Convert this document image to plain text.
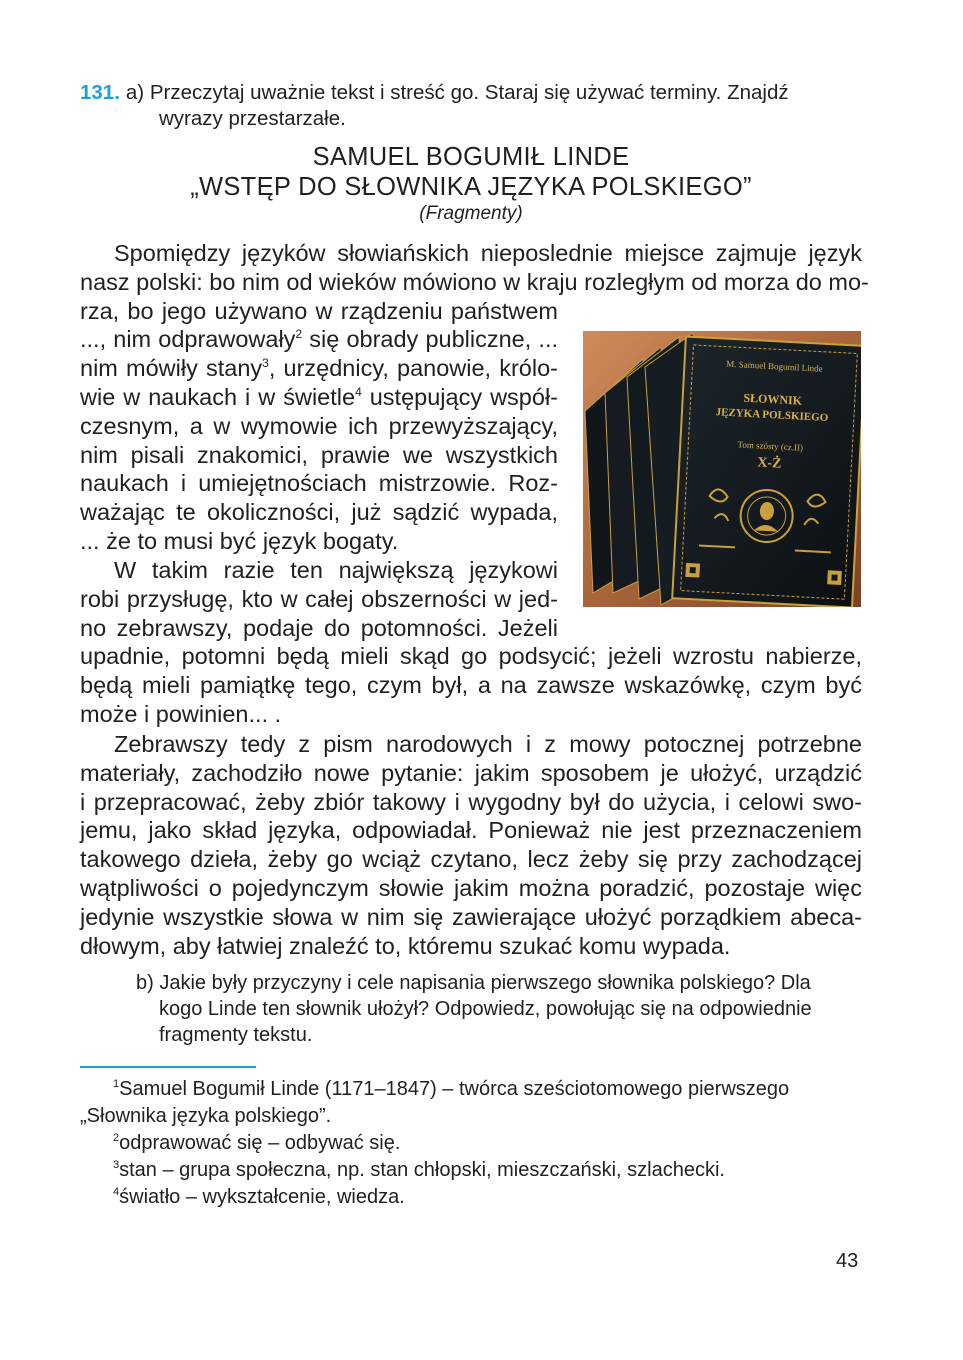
131. a) Przeczytaj uważnie tekst i streść go. Staraj się używać terminy. Znajdź
wyrazy przestarzałe.
SAMUEL BOGUMIŁ LINDE
„WSTĘP DO SŁOWNIKA JĘZYKA POLSKIEGO”
(Fragmenty)
Spomiędzy języków słowiańskich nieposlednie miejsce zajmuje język
nasz polski: bo nim od wieków mówiono w kraju rozległym od morza do mo-
rza, bo jego używano w rządzeniu państwem
..., nim odprawowały$^2$ się obrady publiczne, ...
nim mówiły stany$^3$, urzędnicy, panowie, królo-
wie w naukach i w świetle$^4$ ustępujący współ-
czesnym, a w wymowie ich przewyższający,
nim pisali znakomici, prawie we wszystkich
naukach i umiejętnościach mistrzowie. Roz-
ważając te okoliczności, już sądzić wypada,
... że to musi być język bogaty.
W takim razie ten największą językowi
robi przysługę, kto w całej obszerności w jed-
no zebrawszy, podaje do potomności. Jeżeli
upadnie, potomni będą mieli skąd go podsycić; jeżeli wzrostu nabierze,
będą mieli pamiątkę tego, czym był, a na zawsze wskazówkę, czym być
może i powinien... .
Zebrawszy tedy z pism narodowych i z mowy potocznej potrzebne
materiały, zachodziło nowe pytanie: jakim sposobem je ułożyć, urządzić
i przepracować, żeby zbiór takowy i wygodny był do użycia, i celowi swo-
jemu, jako skład języka, odpowiadał. Ponieważ nie jest przeznaczeniem
takowego dzieła, żeby go wciąż czytano, lecz żeby się przy zachodzącej
wątpliwości o pojedynczym słowie jakim można poradzić, pozostaje więc
jedynie wszystkie słowa w nim się zawierające ułożyć porządkiem abeca-
dłowym, aby łatwiej znaleźć to, któremu szukać komu wypada.
M. Samuel Bogumil Linde
SŁOWNIK
JĘZYKA POLSKIEGO
Tom szósty (cz.II)
X-Ż
b) Jakie były przyczyny i cele napisania pierwszego słownika polskiego? Dla
kogo Linde ten słownik ułożył? Odpowiedz, powołując się na odpowiednie
fragmenty tekstu.
$^1$Samuel Bogumił Linde (1171–1847) – twórca sześciotomowego pierwszego
„Słownika języka polskiego”.
$^2$odprawować się – odbywać się.
$^3$stan – grupa społeczna, np. stan chłopski, mieszczański, szlachecki.
$^4$światło – wykształcenie, wiedza.
43
